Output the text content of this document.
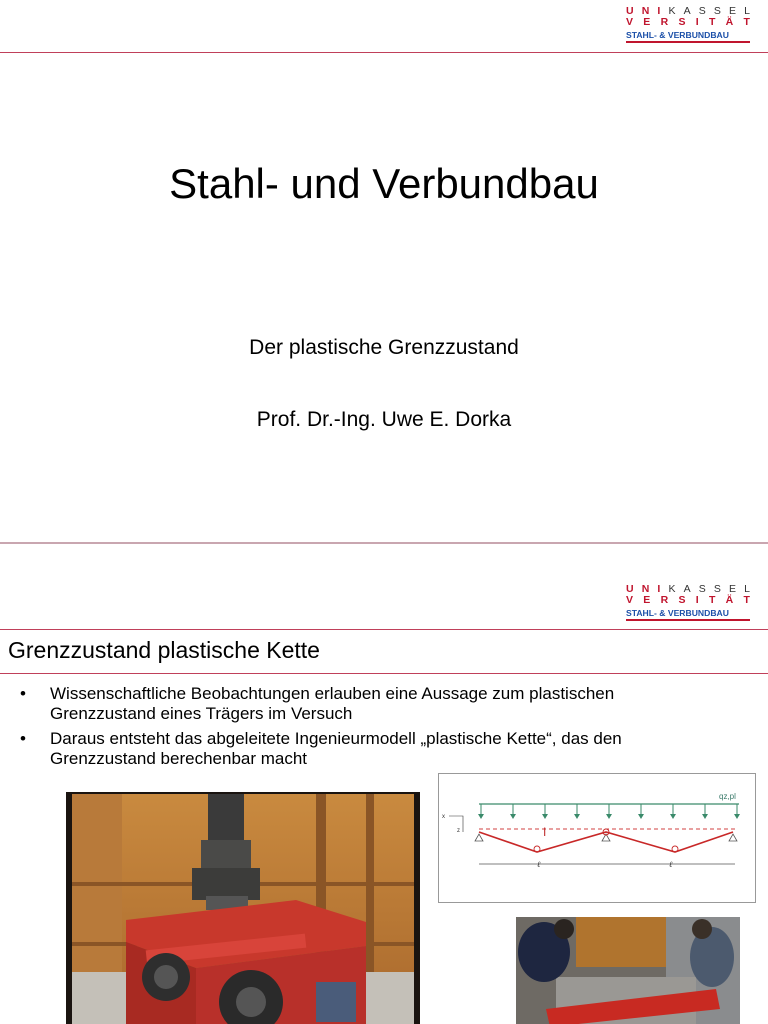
U N I K A S S E L
V E R S I T Ä T
STAHL- & VERBUNDBAU
Stahl- und Verbundbau
Der plastische Grenzzustand
Prof. Dr.-Ing. Uwe E. Dorka
U N I K A S S E L
V E R S I T Ä T
STAHL- & VERBUNDBAU
Grenzzustand plastische Kette
•	Wissenschaftliche Beobachtungen erlauben eine Aussage zum plastischen Grenzzustand eines Trägers im Versuch
•	Daraus entsteht das abgeleitete Ingenieurmodell „plastische Kette“, das den Grenzzustand berechenbar macht
qz,pl
x
z	I
ℓ	ℓ
